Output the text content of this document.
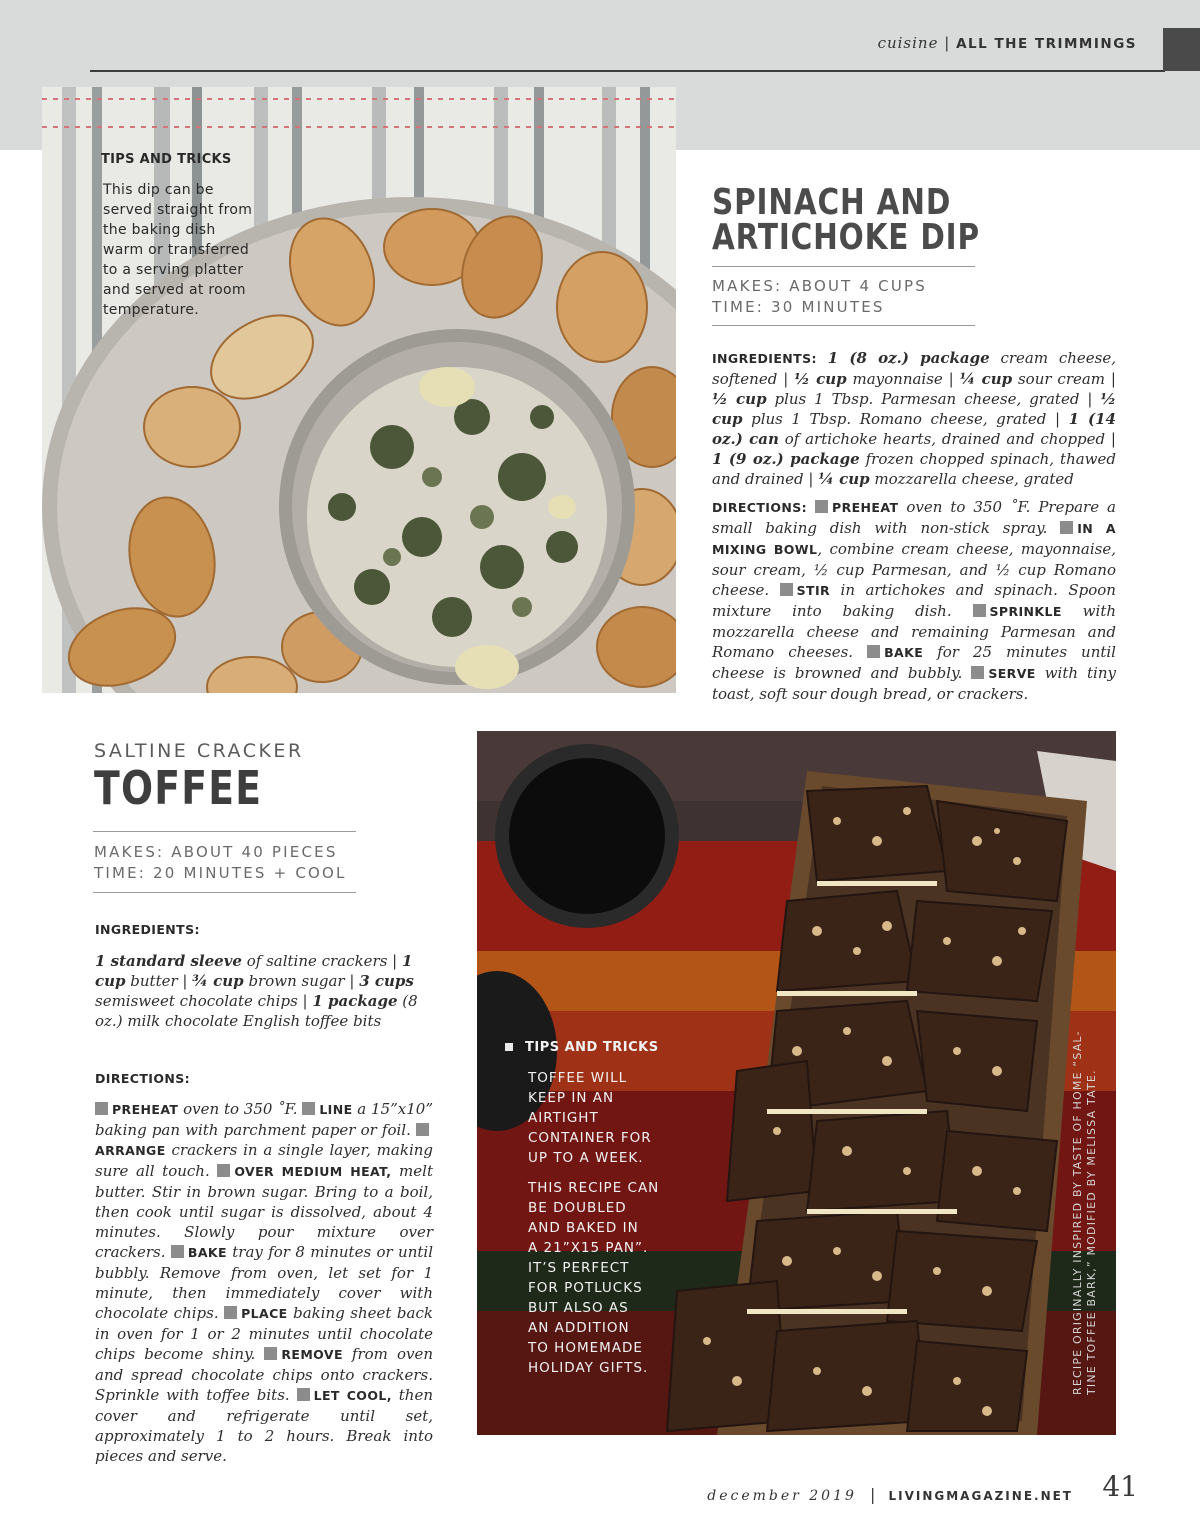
cuisine | ALL THE TRIMMINGS
TIPS AND TRICKS
This dip can be
served straight from
the baking dish
warm or transferred
to a serving platter
and served at room
temperature.
SPINACH AND
ARTICHOKE DIP
MAKES: ABOUT 4 CUPS
TIME: 30 MINUTES
INGREDIENTS: 1 (8 oz.) package cream cheese, softened | ½ cup mayonnaise | ¼ cup sour cream | ½ cup plus 1 Tbsp. Parmesan cheese, grated | ½ cup plus 1 Tbsp. Romano cheese, grated | 1 (14 oz.) can of artichoke hearts, drained and chopped | 1 (9 oz.) package frozen chopped spinach, thawed and drained | ¼ cup mozzarella cheese, grated
DIRECTIONS: PREHEAT oven to 350 ˚F. Prepare a small baking dish with non-stick spray. IN A MIXING BOWL, combine cream cheese, mayonnaise, sour cream, ½ cup Parmesan, and ½ cup Romano cheese. STIR in artichokes and spinach. Spoon mixture into baking dish.	SPRINKLE with mozzarella cheese and remaining Parmesan and Romano cheeses. BAKE for 25 minutes until cheese is browned and bubbly. SERVE with tiny toast, soft sour dough bread, or crackers.
SALTINE CRACKER
TOFFEE
MAKES: ABOUT 40 PIECES
TIME: 20 MINUTES + COOL
INGREDIENTS:
1 standard sleeve of saltine crackers | 1 cup butter | ¾ cup brown sugar | 3 cups semisweet chocolate chips | 1 package (8 oz.) milk chocolate English toffee bits
DIRECTIONS:
PREHEAT oven to 350 ˚F. LINE a 15”x10” baking pan with parchment paper or foil. ARRANGE crackers in a single layer, making sure all touch. OVER MEDIUM HEAT, melt butter. Stir in brown sugar. Bring to a boil, then cook until sugar is dissolved, about 4 minutes. Slowly pour mixture over crackers. BAKE tray for 8 minutes or until bubbly. Remove from oven, let set for 1 minute, then immediately cover with chocolate chips. PLACE baking sheet back in oven for 1 or 2 minutes until chocolate chips become shiny. REMOVE from oven and spread chocolate chips onto crackers. Sprinkle with toffee bits. LET COOL, then cover and refrigerate until set, approximately 1 to 2 hours. Break into pieces and serve.
TIPS AND TRICKS
TOFFEE WILL
KEEP IN AN
AIRTIGHT
CONTAINER FOR
UP TO A WEEK.
THIS RECIPE CAN
BE DOUBLED
AND BAKED IN
A 21”X15 PAN”.
IT’S PERFECT
FOR POTLUCKS
BUT ALSO AS
AN ADDITION
TO HOMEMADE
HOLIDAY GIFTS.	RECIPE ORIGINALLY INSPIRED BY TASTE OF HOME “SAL- TINE TOFFEE BARK,” MODIFIED BY MELISSA TATE.
december 2019 | LIVINGMAGAZINE.NET 41
